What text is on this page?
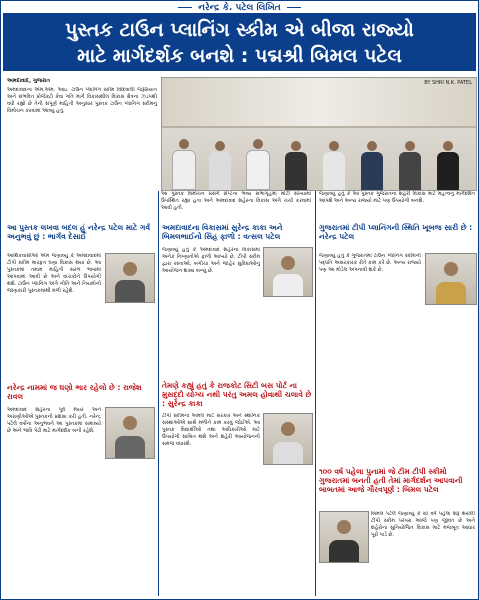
નરેન્દ્ર કે. પટેલ લિખિત
પુસ્તક ટાઉન પ્લાનિંગ સ્કીમ એ બીજા રાજ્યો
માટે માર્ગદર્શક બનશે : પદ્મશ્રી બિમલ પટેલ
અમદાવાદ, ગુજરાત
અમદાવાદના એમ.એમ. આઇ. ટાઉન પ્લાનિંગ સ્કીમ વિદિવાલી જરૂરિયાત અને સંભવિત પ્રોજેક્ટો કેવા ગતિ માર્ગ વિકાસશીલ વિકાસ ક્ષેત્રના ઝડપથી વધી રહ્યો છે તેની સંપૂર્ણ માહિતી અનુસાર પુસ્તક ટાઉન પ્લાનિંગ સ્કીમનું વિમોચન કરવામાં આવ્યું હતું.
BY SHRI N.K. PATEL
આ પુસ્તક વિમોચન પ્રસંગે સેપ્ટના ભવ્ય સભાગૃહમાં મોટી સંખ્યામાં ઉપસ્થિત રહ્યા હતા અને અમદાવાદ શહેરના વિકાસ અંગે ચર્ચા કરવામાં આવી હતી.
જણાવ્યું હતું કે આ પુસ્તક ગુજરાતના શહેરી વિકાસ માટે મહત્વનું માર્ગદર્શન આપશે અને અન્ય રાજ્યો માટે પણ ઉપયોગી બનશે.
આ પુસ્તક લખવા બદલ હું નરેન્દ્ર પટેલ માટે ગર્વ અનુભવું છું : ભાર્ગવ દેસાઈ
આર્થિકવાસીઓ એમ જણાવ્યું કે અમદાવાદમાં ટીપી સ્કીમ મારફત ઘણા વિકાસ થયા છે. આ પુસ્તકમાં તમામ માહિતી સરળ ભાષામાં આપવામાં આવી છે અને વાચકોને ઉપયોગી થશે. ટાઉન પ્લાનિંગ અંગે નીતિ અને નિયમોની જાણકારી પુસ્તકમાંથી મળી રહેશે.
નરેન્દ્ર નામમાં જ ઘણો ભાર રહેલો છે : રાજેશ રાવલ
અમદાવાદ શહેરના પૂર્વ મેયર અને અગ્રણીઓએ પુસ્તકની પ્રશંસા કરી હતી. નરેન્દ્ર પટેલે વર્ષોના અનુભવને આ પુસ્તકમાં સમાવ્યો છે અને ભાવિ પેઢી માટે માર્ગદર્શક બની રહેશે.
અમદાવાદના વિકાસમાં સુરેન્દ્ર કાકા અને બિમલભાઈનો સિંહ ફાળો : વત્સલ પટેલ
જણાવ્યું હતું કે અમદાવાદ શહેરના વિકાસમાં અનેક નિષ્ણાતોએ ફાળો આપ્યો છે. ટીપી સ્કીમ દ્વારા રસ્તાઓ, બગીચા અને જાહેર સુવિધાઓનું આયોજન શક્ય બન્યું છે.
તેમણે કહ્યું હતું કે રાજકોટ સિટી બસ પોર્ટ ના મુસદ્દો યોગ્ય નથી પરંતુ અમલ હોવાથી ચલાવે છે : સુરેન્દ્ર કાકા
ટીપી સ્કીમના અમલ માટે સરકાર અને સ્થાનિક સંસ્થાઓએ સાથે મળીને કામ કરવું જોઈએ. આ પુસ્તક વિદ્યાર્થીઓ તથા અધિકારીઓ માટે ઉપયોગી સાબિત થશે અને શહેરી આયોજનની સમજ વધારશે.
ગુજરાતમાં ટીપી પ્લાનિંગની સ્થિતિ ખૂબજ સારી છે : નરેન્દ્ર પટેલ
જણાવ્યું હતું કે ગુજરાતમાં ટાઉન પ્લાનિંગ સ્કીમની પદ્ધતિ અસરકારક રીતે કામ કરે છે. અન્ય રાજ્યો પણ આ મોડેલ અપનાવી શકે છે.
૧૦૦ વર્ષ પહેલા પુનામાં જે ટીમ ટીપી સ્કીમો ગુજરાતમાં બનતી હતી તેમાં માર્ગદર્શન આપવાની બાબતમાં આજે ગૌરવપૂર્ણ : બિમલ પટેલ
બિમલ પટેલે જણાવ્યું કે સો વર્ષ પહેલા શરૂ થયેલી ટીપી સ્કીમ પરંપરા આજે પણ જીવંત છે અને શહેરોના સુનિયોજિત વિકાસ માટે મજબૂત આધાર પૂરો પાડે છે.
